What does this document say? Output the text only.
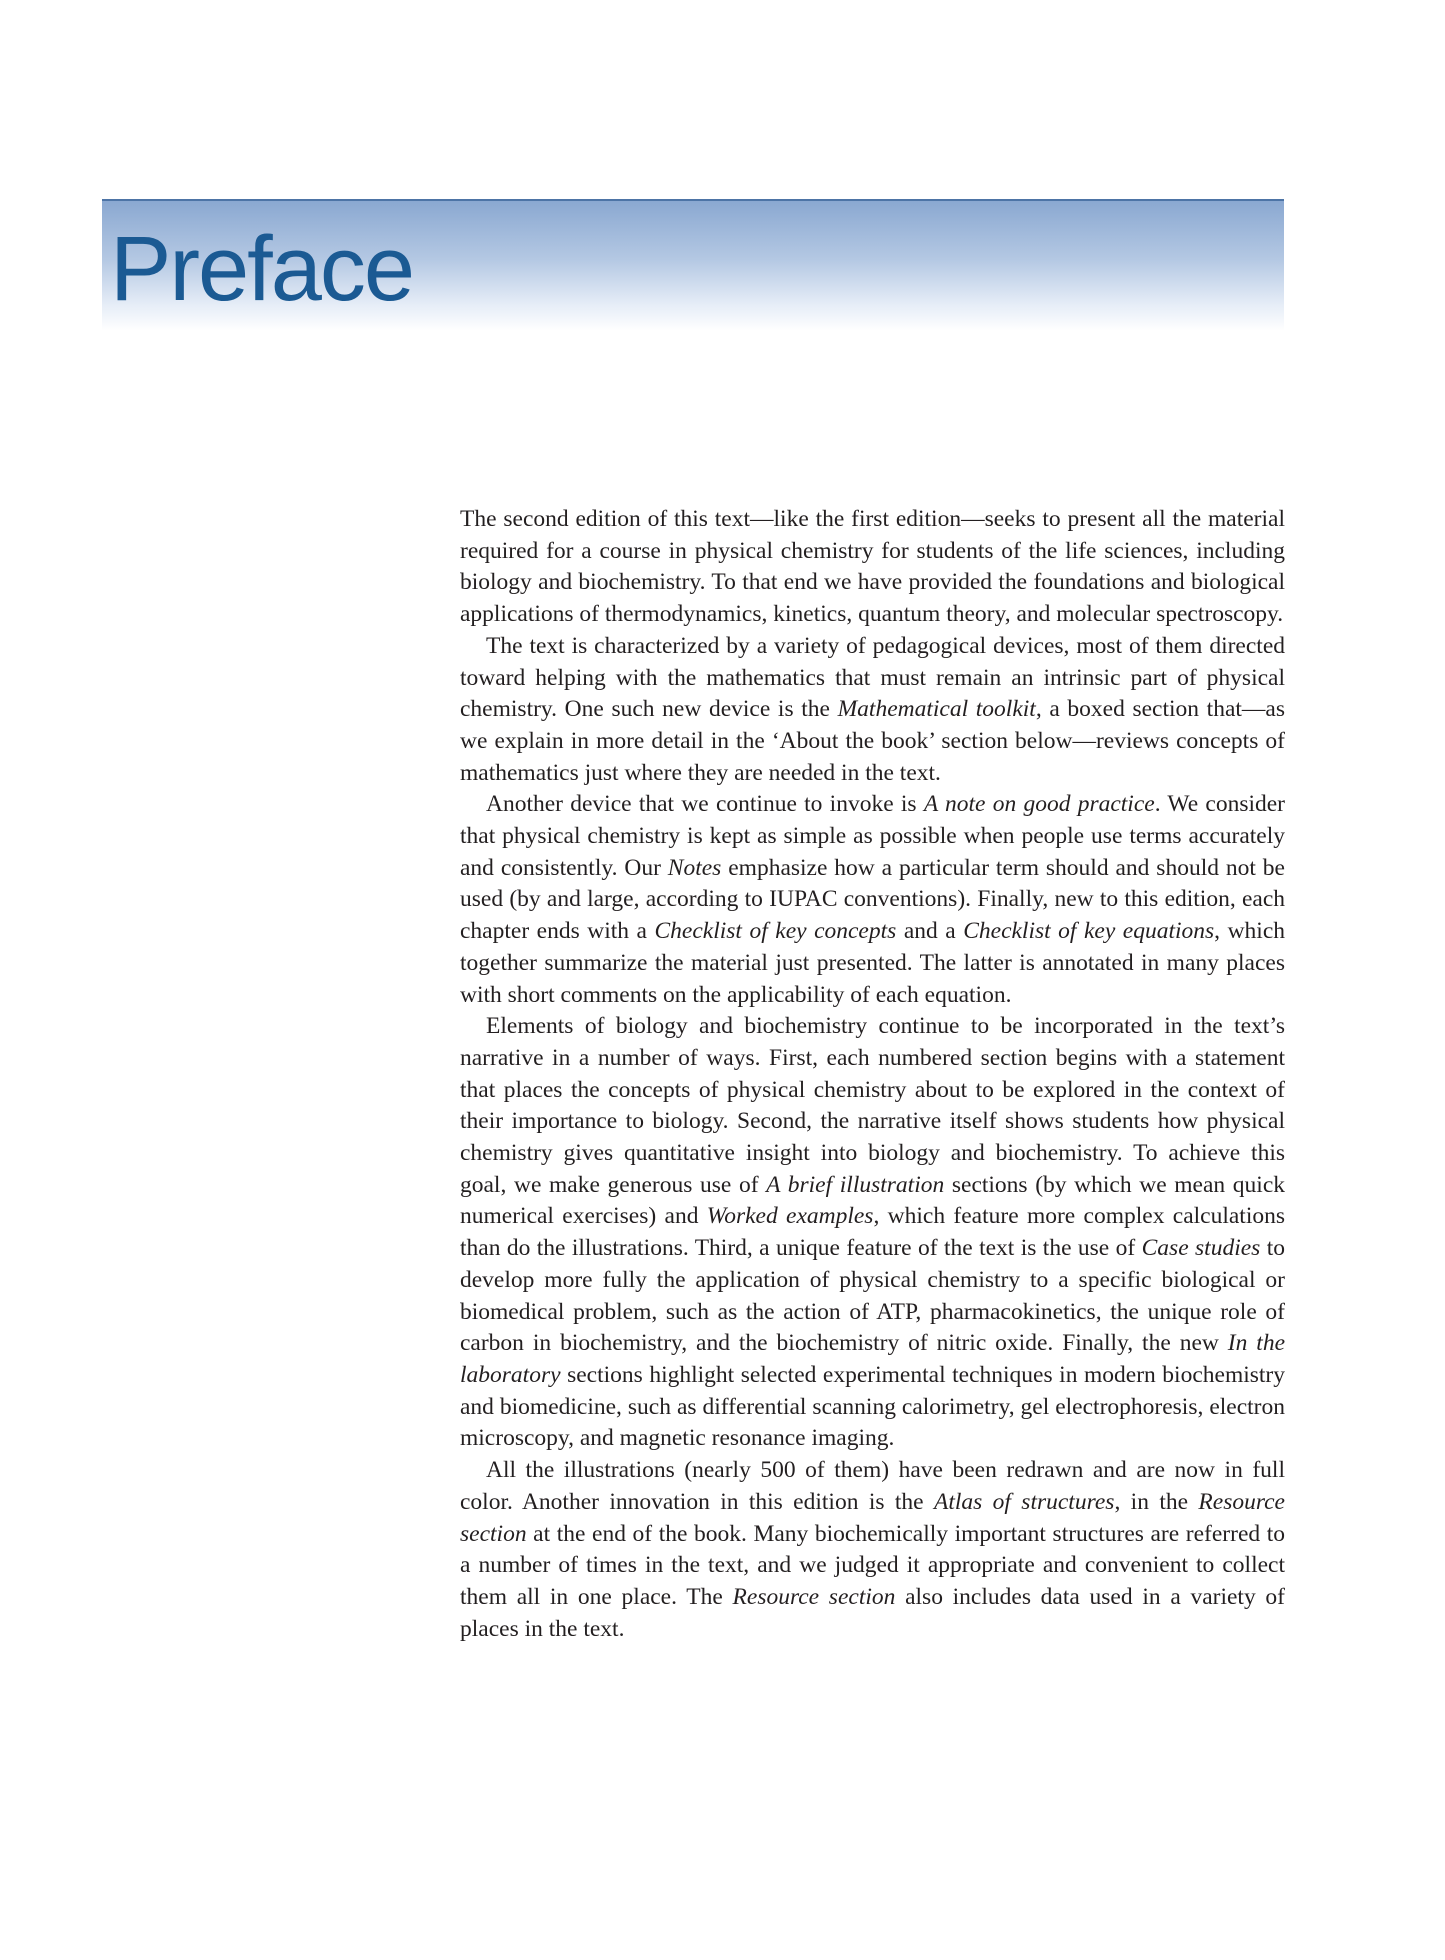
Preface

The second edition of this text—like the first edition—seeks to present all the material required for a course in physical chemistry for students of the life sciences, including biology and biochemistry. To that end we have provided the foundations and biological applications of thermodynamics, kinetics, quantum theory, and molecular spectroscopy.

The text is characterized by a variety of pedagogical devices, most of them directed toward helping with the mathematics that must remain an intrinsic part of physical chemistry. One such new device is the Mathematical toolkit, a boxed section that—as we explain in more detail in the ‘About the book’ section below—reviews concepts of mathematics just where they are needed in the text.

Another device that we continue to invoke is A note on good practice. We consider that physical chemistry is kept as simple as possible when people use terms accurately and consistently. Our Notes emphasize how a particular term should and should not be used (by and large, according to IUPAC conventions). Finally, new to this edition, each chapter ends with a Checklist of key concepts and a Checklist of key equations, which together summarize the material just presented. The latter is annotated in many places with short comments on the applicability of each equation.

Elements of biology and biochemistry continue to be incorporated in the text’s narrative in a number of ways. First, each numbered section begins with a statement that places the concepts of physical chemistry about to be explored in the context of their importance to biology. Second, the narrative itself shows students how physical chemistry gives quantitative insight into biology and biochemistry. To achieve this goal, we make generous use of A brief illustration sections (by which we mean quick numerical exercises) and Worked examples, which feature more complex calculations than do the illustrations. Third, a unique feature of the text is the use of Case studies to develop more fully the application of physical chemistry to a specific biological or biomedical problem, such as the action of ATP, pharmacokinetics, the unique role of carbon in biochemistry, and the biochemistry of nitric oxide. Finally, the new In the laboratory sections highlight selected experimental techniques in modern biochemistry and biomedicine, such as differential scanning calorimetry, gel electrophoresis, electron microscopy, and magnetic resonance imaging.

All the illustrations (nearly 500 of them) have been redrawn and are now in full color. Another innovation in this edition is the Atlas of structures, in the Resource section at the end of the book. Many biochemically important structures are referred to a number of times in the text, and we judged it appropriate and convenient to collect them all in one place. The Resource section also includes data used in a variety of places in the text.
